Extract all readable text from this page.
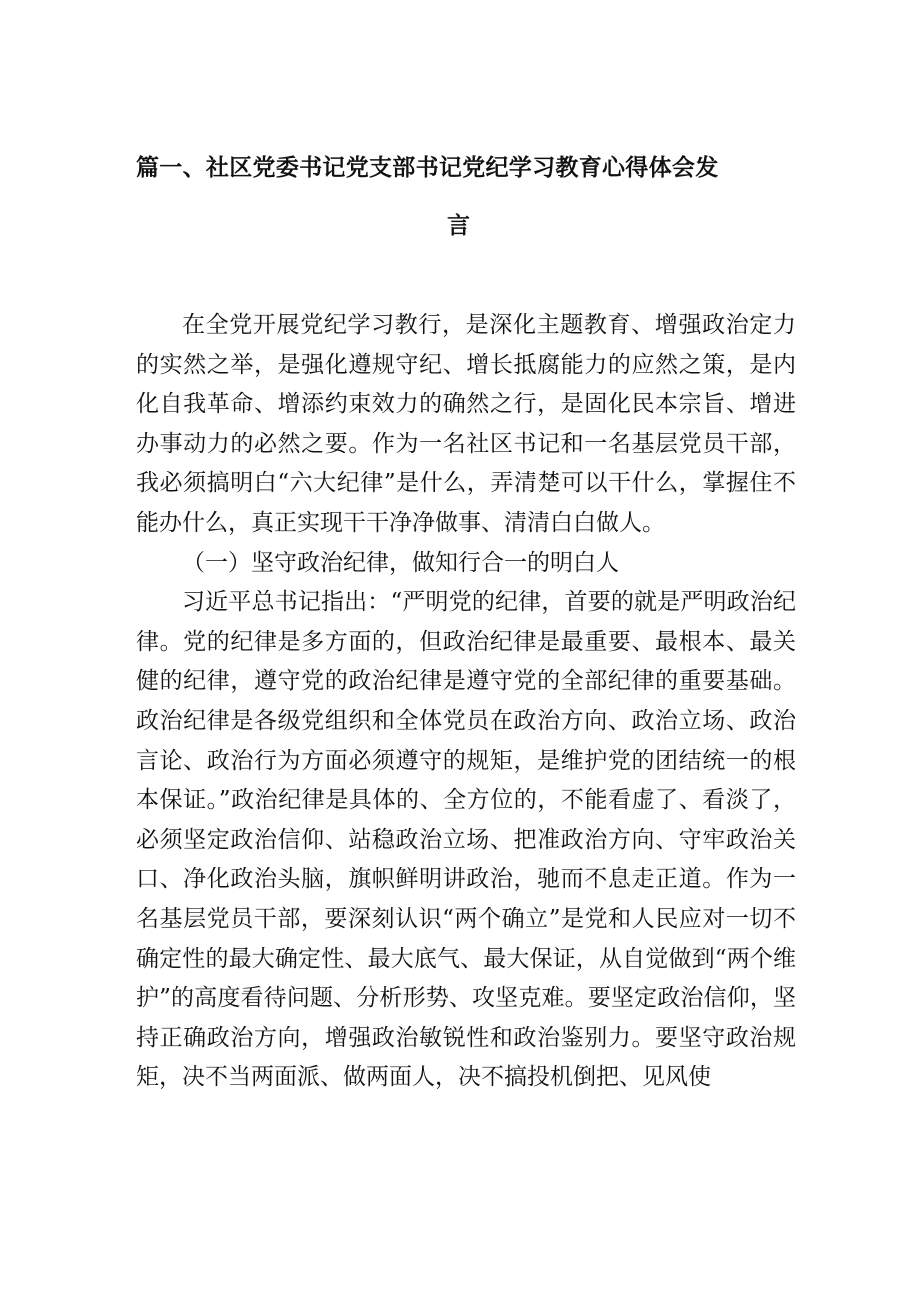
篇一、社区党委书记党支部书记党纪学习教育心得体会发
言

在全党开展党纪学习教行，是深化主题教育、增强政治定力的实然之举，是强化遵规守纪、增长抵腐能力的应然之策，是内化自我革命、增添约束效力的确然之行，是固化民本宗旨、增进办事动力的必然之要。作为一名社区书记和一名基层党员干部，我必须搞明白“六大纪律”是什么，弄清楚可以干什么，掌握住不能办什么，真正实现干干净净做事、清清白白做人。

（一）坚守政治纪律，做知行合一的明白人

习近平总书记指出：“严明党的纪律，首要的就是严明政治纪律。党的纪律是多方面的，但政治纪律是最重要、最根本、最关健的纪律，遵守党的政治纪律是遵守党的全部纪律的重要基础。政治纪律是各级党组织和全体党员在政治方向、政治立场、政治言论、政治行为方面必须遵守的规矩，是维护党的团结统一的根本保证。”政治纪律是具体的、全方位的，不能看虚了、看淡了，必须坚定政治信仰、站稳政治立场、把准政治方向、守牢政治关口、净化政治头脑，旗帜鲜明讲政治，驰而不息走正道。作为一名基层党员干部，要深刻认识“两个确立”是党和人民应对一切不确定性的最大确定性、最大底气、最大保证，从自觉做到“两个维护”的高度看待问题、分析形势、攻坚克难。要坚定政治信仰，坚持正确政治方向，增强政治敏锐性和政治鉴别力。要坚守政治规矩，决不当两面派、做两面人，决不搞投机倒把、见风使
